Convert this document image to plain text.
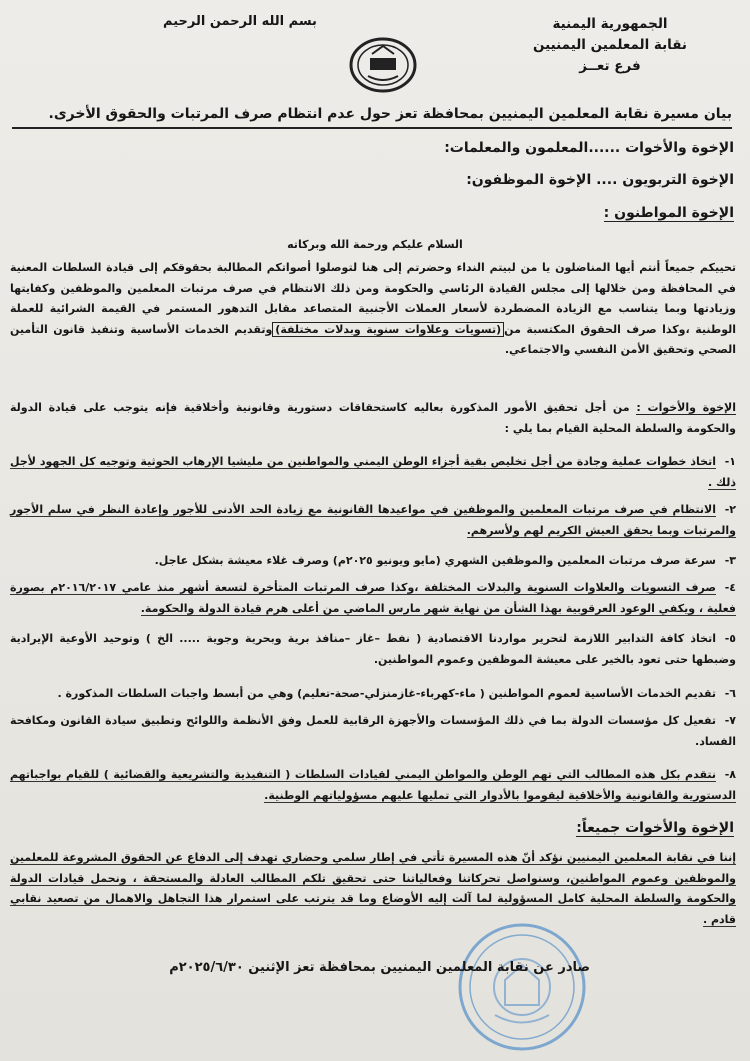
الجمهورية اليمنية
نقابة المعلمين اليمنيين
فرع تعــز
بسم الله الرحمن الرحيم
بيان مسيرة نقابة المعلمين اليمنيين بمحافظة تعز حول عدم انتظام صرف المرتبات والحقوق الأخرى.
الإخوة والأخوات ......المعلمون والمعلمات:
الإخوة التربويون .... الإخوة الموظفون:
الإخوة المواطنون :
السلام عليكم ورحمة الله وبركاته
تحييكم جميعاً أنتم أيها المناضلون يا من لبيتم النداء وحضرتم إلى هنا لتوصلوا أصواتكم المطالبة بحقوقكم إلى قيادة السلطات المعنية في المحافظة ومن خلالها إلى مجلس القيادة الرئاسي والحكومة ومن ذلك الانتظام في صرف مرتبات المعلمين والموظفين وكفايتها وزيادتها وبما يتناسب مع الزيادة المضطردة لأسعار العملات الأجنبية المتصاعد مقابل التدهور المستمر في القيمة الشرائية للعملة الوطنية ،وكذا صرف الحقوق المكتسبة من(تسويات وعلاوات سنوية وبدلات مختلفة)وتقديم الخدمات الأساسية وتنفيذ قانون التأمين الصحي وتحقيق الأمن النفسي والاجتماعي.
الإخوة والأخوات : من أجل تحقيق الأمور المذكورة بعاليه كاستحقاقات دستورية وقانونية وأخلاقية فإنه يتوجب على قيادة الدولة والحكومة والسلطة المحلية القيام بما يلي :
١-اتخاذ خطوات عملية وجادة من أجل تخليص بقية أجزاء الوطن اليمني والمواطنين من مليشيا الإرهاب الحوثية وتوجيه كل الجهود لأجل ذلك .
٢-الانتظام في صرف مرتبات المعلمين والموظفين في مواعيدها القانونية مع زيادة الحد الأدنى للأجور وإعادة النظر في سلم الأجور والمرتبات وبما يحقق العيش الكريم لهم ولأسرهم.
٣-سرعة صرف مرتبات المعلمين والموظفين الشهري (مايو ويونيو ٢٠٢٥م) وصرف غلاء معيشة بشكل عاجل.
٤-صرف التسويات والعلاوات السنوية والبدلات المختلفة ،وكذا صرف المرتبات المتأخرة لتسعة أشهر منذ عامي ٢٠١٦/٢٠١٧م بصورة فعلية ، ويكفي الوعود العرقوبية بهذا الشأن من نهاية شهر مارس الماضي من أعلى هرم قيادة الدولة والحكومة.
٥-اتخاذ كافة التدابير اللازمة لتحرير مواردنا الاقتصادية ( نفط –غاز –منافذ برية وبحرية وجوية ..... الخ ) وتوحيد الأوعية الإيرادية وضبطها حتى تعود بالخير على معيشة الموظفين وعموم المواطنين.
٦-تقديم الخدمات الأساسية لعموم المواطنين ( ماء-كهرباء-غازمنزلي-صحة-تعليم) وهي من أبسط واجبات السلطات المذكورة .
٧-تفعيل كل مؤسسات الدولة بما في ذلك المؤسسات والأجهزة الرقابية للعمل وفق الأنظمة واللوائح وتطبيق سيادة القانون ومكافحة الفساد.
٨-نتقدم بكل هذه المطالب التي تهم الوطن والمواطن اليمني لقيادات السلطات ( التنفيذية والتشريعية والقضائية ) للقيام بواجباتهم الدستورية والقانونية والأخلاقية ليقوموا بالأدوار التي تمليها عليهم مسؤولياتهم الوطنية.
الإخوة والأخوات جميعاً:
إننا في نقابة المعلمين اليمنيين نؤكد أنّ هذه المسيرة تأتي في إطار سلمي وحضاري تهدف إلى الدفاع عن الحقوق المشروعة للمعلمين والموظفين وعموم المواطنين، وسنواصل تحركاتنا وفعالياتنا حتى تحقيق تلكم المطالب العادلة والمستحقة ، ونحمل قيادات الدولة والحكومة والسلطة المحلية كامل المسؤولية لما آلت إليه الأوضاع وما قد يترتب على استمرار هذا التجاهل والاهمال من تصعيد نقابي قادم .
صادر عن نقابة المعلمين اليمنيين بمحافظة تعز الإثنين ٢٠٢٥/٦/٣٠م
